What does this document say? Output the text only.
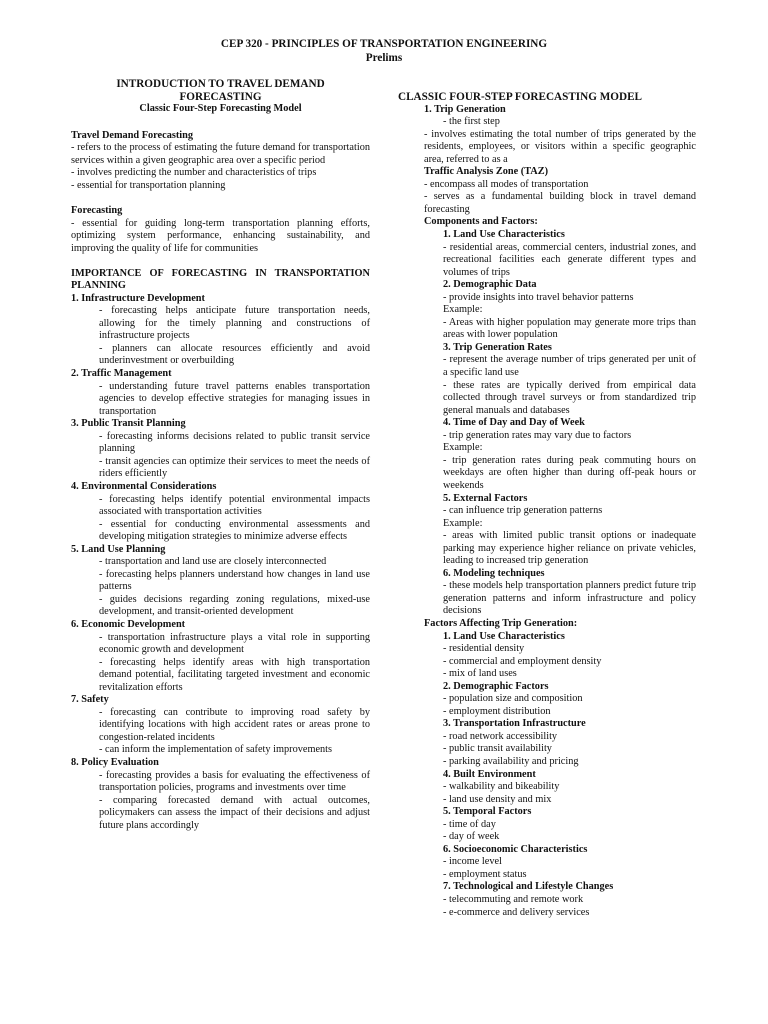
CEP 320 - PRINCIPLES OF TRANSPORTATION ENGINEERING
Prelims
INTRODUCTION TO TRAVEL DEMAND FORECASTING
Classic Four-Step Forecasting Model
Travel Demand Forecasting
- refers to the process of estimating the future demand for transportation services within a given geographic area over a specific period
- involves predicting the number and characteristics of trips
- essential for transportation planning
Forecasting
- essential for guiding long-term transportation planning efforts, optimizing system performance, enhancing sustainability, and improving the quality of life for communities
IMPORTANCE OF FORECASTING IN TRANSPORTATION PLANNING
1. Infrastructure Development
- forecasting helps anticipate future transportation needs, allowing for the timely planning and constructions of infrastructure projects
- planners can allocate resources efficiently and avoid underinvestment or overbuilding
2. Traffic Management
- understanding future travel patterns enables transportation agencies to develop effective strategies for managing issues in transportation
3. Public Transit Planning
- forecasting informs decisions related to public transit service planning
- transit agencies can optimize their services to meet the needs of riders efficiently
4. Environmental Considerations
- forecasting helps identify potential environmental impacts associated with transportation activities
- essential for conducting environmental assessments and developing mitigation strategies to minimize adverse effects
5. Land Use Planning
- transportation and land use are closely interconnected
- forecasting helps planners understand how changes in land use patterns
- guides decisions regarding zoning regulations, mixed-use development, and transit-oriented development
6. Economic Development
- transportation infrastructure plays a vital role in supporting economic growth and development
- forecasting helps identify areas with high transportation demand potential, facilitating targeted investment and economic revitalization efforts
7. Safety
- forecasting can contribute to improving road safety by identifying locations with high accident rates or areas prone to congestion-related incidents
- can inform the implementation of safety improvements
8. Policy Evaluation
- forecasting provides a basis for evaluating the effectiveness of transportation policies, programs and investments over time
- comparing forecasted demand with actual outcomes, policymakers can assess the impact of their decisions and adjust future plans accordingly
CLASSIC FOUR-STEP FORECASTING MODEL
1. Trip Generation
- the first step
- involves estimating the total number of trips generated by the residents, employees, or visitors within a specific geographic area, referred to as a
Traffic Analysis Zone (TAZ)
- encompass all modes of transportation
- serves as a fundamental building block in travel demand forecasting
Components and Factors:
1. Land Use Characteristics
- residential areas, commercial centers, industrial zones, and recreational facilities each generate different types and volumes of trips
2. Demographic Data
- provide insights into travel behavior patterns
Example:
- Areas with higher population may generate more trips than areas with lower population
3. Trip Generation Rates
- represent the average number of trips generated per unit of a specific land use
- these rates are typically derived from empirical data collected through travel surveys or from standardized trip general manuals and databases
4. Time of Day and Day of Week
- trip generation rates may vary due to factors
Example:
- trip generation rates during peak commuting hours on weekdays are often higher than during off-peak hours or weekends
5. External Factors
- can influence trip generation patterns
Example:
- areas with limited public transit options or inadequate parking may experience higher reliance on private vehicles, leading to increased trip generation
6. Modeling techniques
- these models help transportation planners predict future trip generation patterns and inform infrastructure and policy decisions
Factors Affecting Trip Generation:
1. Land Use Characteristics
- residential density
- commercial and employment density
- mix of land uses
2. Demographic Factors
- population size and composition
- employment distribution
3. Transportation Infrastructure
- road network accessibility
- public transit availability
- parking availability and pricing
4. Built Environment
- walkability and bikeability
- land use density and mix
5. Temporal Factors
- time of day
- day of week
6. Socioeconomic Characteristics
- income level
- employment status
7. Technological and Lifestyle Changes
- telecommuting and remote work
- e-commerce and delivery services
